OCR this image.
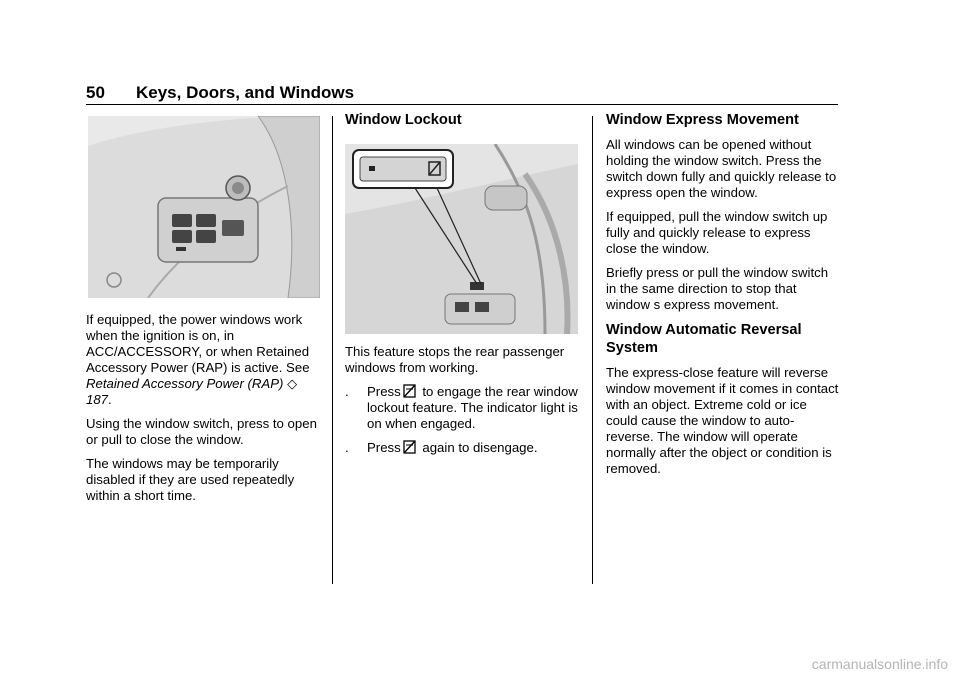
50 Keys, Doors, and Windows

If equipped, the power windows work when the ignition is on, in ACC/ACCESSORY, or when Retained Accessory Power (RAP) is active. See Retained Accessory Power (RAP) ◇ 187.

Using the window switch, press to open or pull to close the window.

The windows may be temporarily disabled if they are used repeatedly within a short time.

Window Lockout

This feature stops the rear passenger windows from working.

. Press to engage the rear window lockout feature. The indicator light is on when engaged.
. Press again to disengage.
Window Express Movement

All windows can be opened without holding the window switch. Press the switch down fully and quickly release to express open the window.

If equipped, pull the window switch up fully and quickly release to express close the window.

Briefly press or pull the window switch in the same direction to stop that window s express movement.

Window Automatic Reversal System

The express-close feature will reverse window movement if it comes in contact with an object. Extreme cold or ice could cause the window to auto-reverse. The window will operate normally after the object or condition is removed.

carmanualsonline.info
